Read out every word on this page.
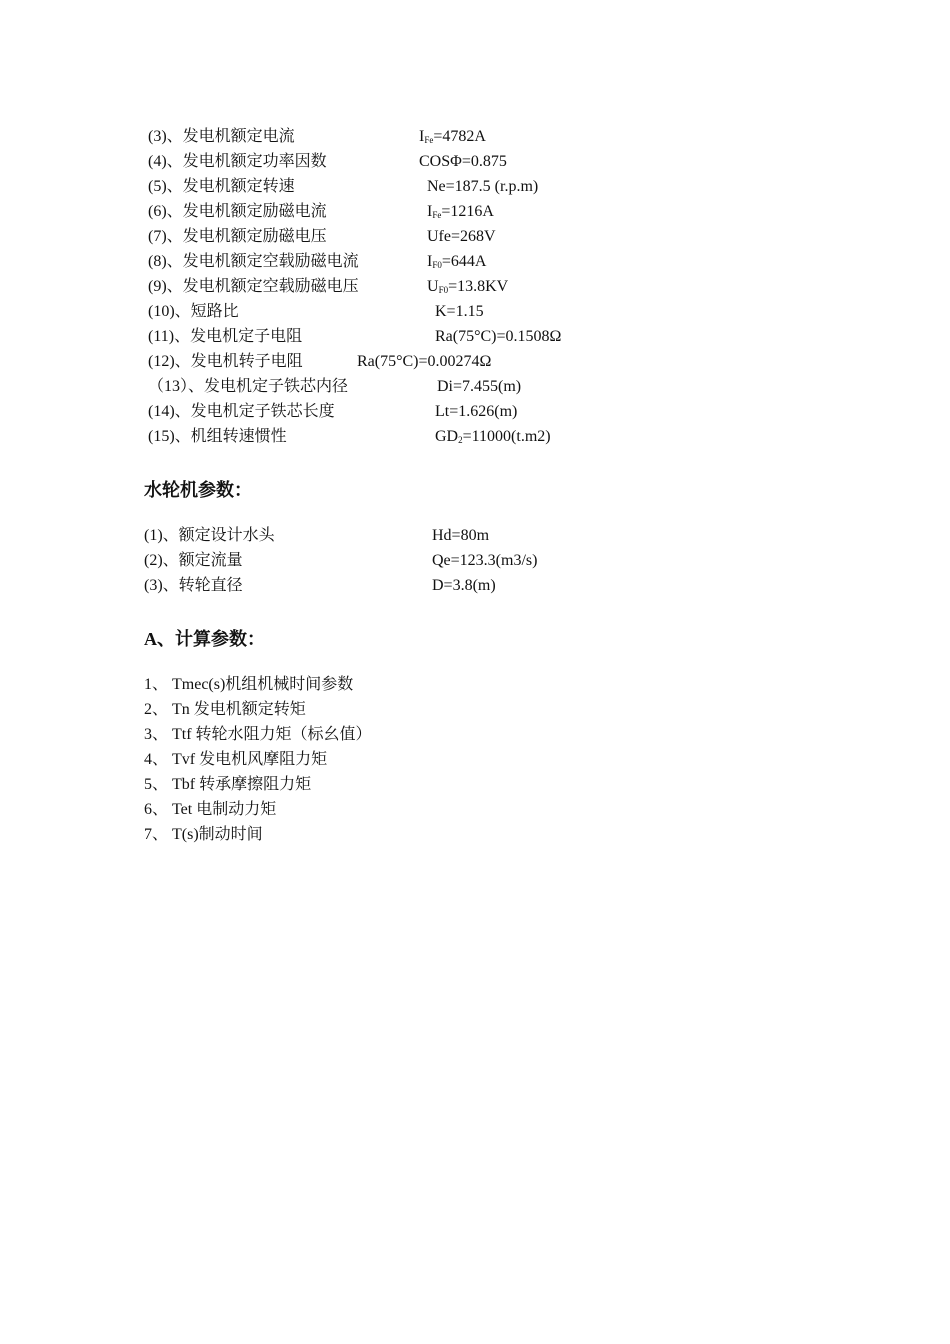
(3)、发电机额定电流	$I_{Fe}=4782A$
(4)、发电机额定功率因数	COSΦ=0.875
(5)、发电机额定转速	Ne=187.5 (r.p.m)
(6)、发电机额定励磁电流	$I_{Fe}=1216A$
(7)、发电机额定励磁电压	Ufe=268V
(8)、发电机额定空载励磁电流	$I_{F0}=644A$
(9)、发电机额定空载励磁电压	$U_{F0}=13.8KV$
(10)、短路比	K=1.15
(11)、发电机定子电阻	Ra(75°C)=0.1508Ω
(12)、发电机转子电阻	Ra(75°C)=0.00274Ω
（13）、发电机定子铁芯内径	Di=7.455(m)
(14)、发电机定子铁芯长度	Lt=1.626(m)
(15)、机组转速惯性	$GD_2=11000(t.m2)$
水轮机参数：
(1)、额定设计水头	Hd=80m
(2)、额定流量	Qe=123.3(m3/s)
(3)、转轮直径	D=3.8(m)
A、计算参数：
1、 Tmec(s)机组机械时间参数
2、 Tn 发电机额定转矩
3、 Ttf 转轮水阻力矩（标幺值）
4、 Tvf 发电机风摩阻力矩
5、 Tbf 转承摩擦阻力矩
6、 Tet 电制动力矩
7、 T(s)制动时间
